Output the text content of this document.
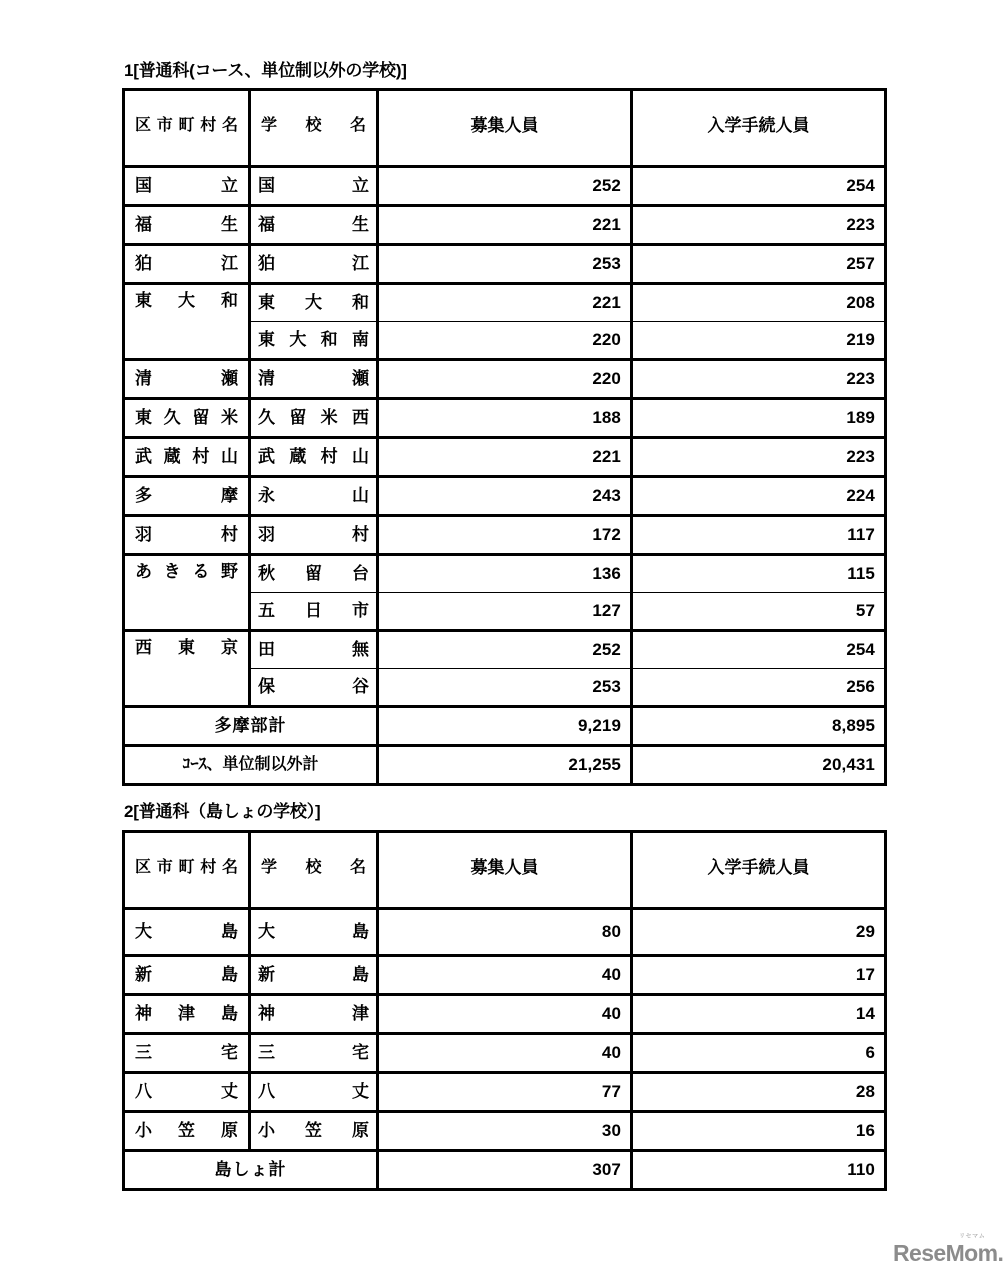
1[普通科(コース、単位制以外の学校)]
区市町村名	学校名	募集人員	入学手続人員

国立	国立	252	254

福生	福生	221	223

狛江	狛江	253	257

東大和	東大和	221	208

	東大和南	220	219

清瀬	清瀬	220	223

東久留米	久留米西	188	189

武蔵村山	武蔵村山	221	223

多摩	永山	243	224

羽村	羽村	172	117

あきる野	秋留台	136	115

	五日市	127	57

西東京	田無	252	254

	保谷	253	256

多摩部計		9,219	8,895

ｺｰｽ、単位制以外計		21,255	20,431
2[普通科（島しょの学校）]
区市町村名	学校名	募集人員	入学手続人員

大島	大島	80	29

新島	新島	40	17

神津島	神津	40	14

三宅	三宅	40	6

八丈	八丈	77	28

小笠原	小笠原	30	16

島しょ計		307	110
リセマム
ReseMom.
